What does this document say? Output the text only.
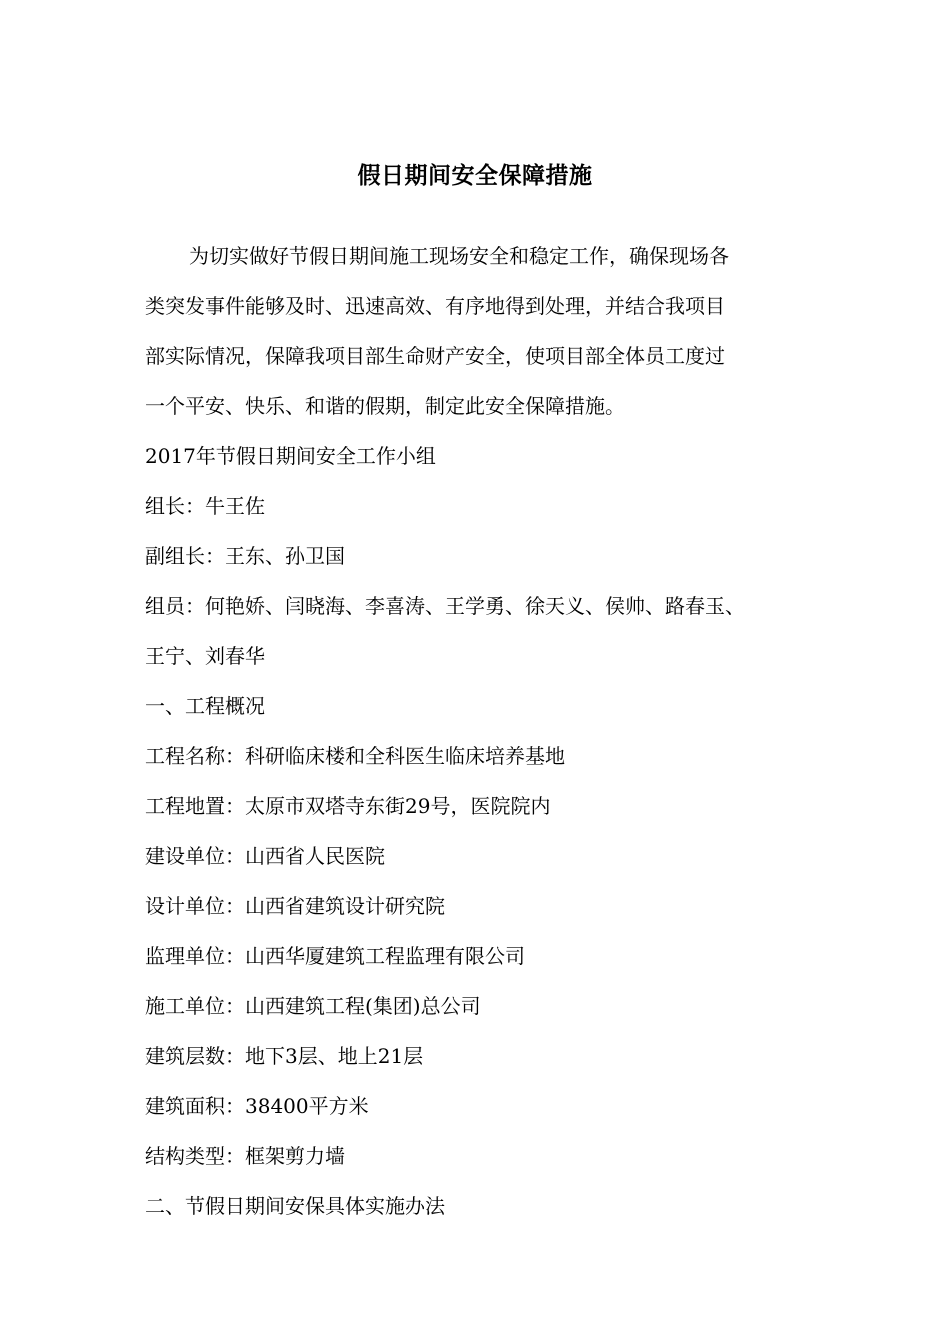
假日期间安全保障措施

为切实做好节假日期间施工现场安全和稳定工作，确保现场各

类突发事件能够及时、迅速高效、有序地得到处理，并结合我项目

部实际情况，保障我项目部生命财产安全，使项目部全体员工度过

一个平安、快乐、和谐的假期，制定此安全保障措施。

2017年节假日期间安全工作小组

组长：牛王佐

副组长：王东、孙卫国

组员：何艳娇、闫晓海、李喜涛、王学勇、徐天义、侯帅、路春玉、

王宁、刘春华

一、工程概况

工程名称：科研临床楼和全科医生临床培养基地

工程地置：太原市双塔寺东街29号，医院院内

建设单位：山西省人民医院

设计单位：山西省建筑设计研究院

监理单位：山西华厦建筑工程监理有限公司

施工单位：山西建筑工程(集团)总公司

建筑层数：地下3层、地上21层

建筑面积：38400平方米

结构类型：框架剪力墙

二、节假日期间安保具体实施办法
